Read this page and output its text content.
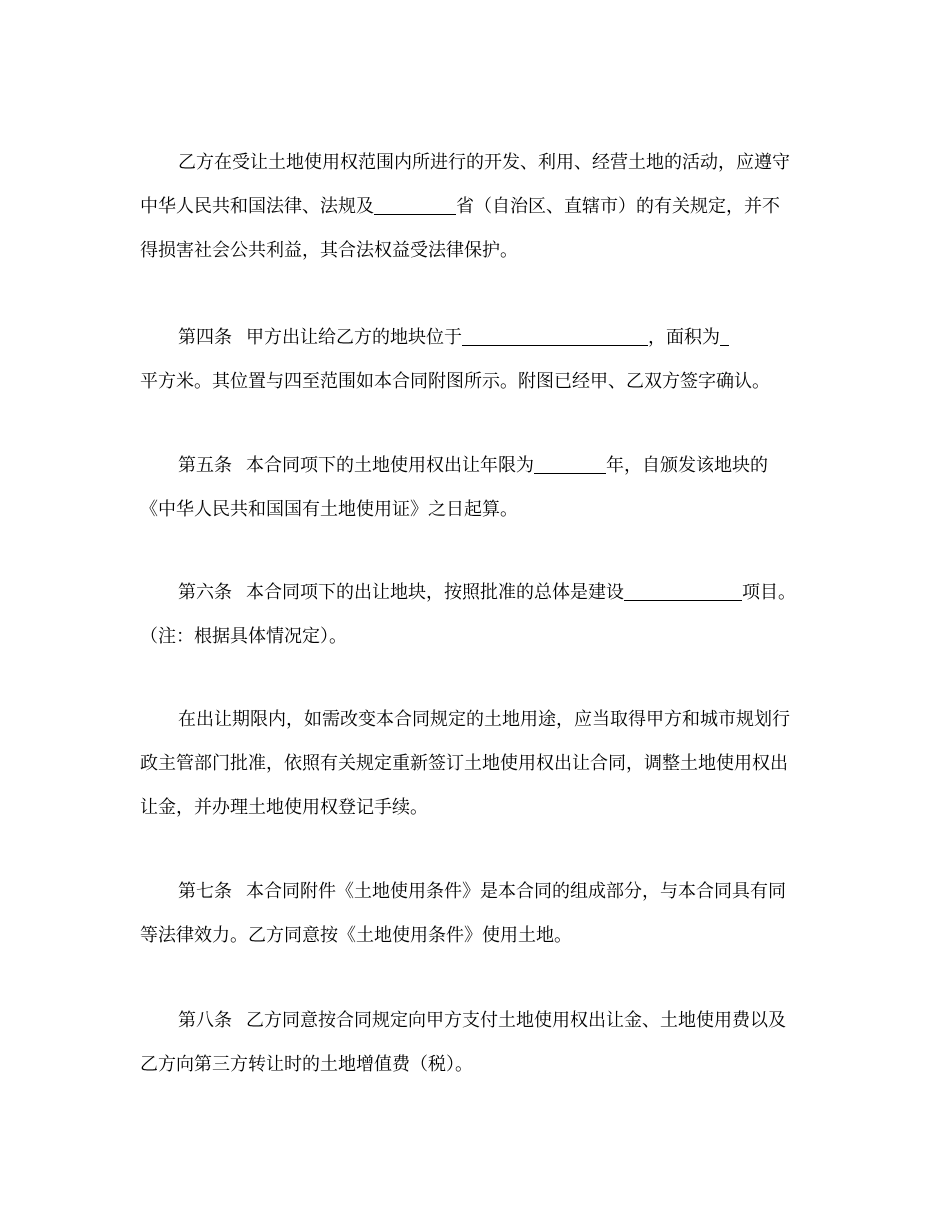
乙方在受让土地使用权范围内所进行的开发、利用、经营土地的活动，应遵守
中华人民共和国法律、法规及	省（自治区、直辖市）的有关规定，并不
得损害社会公共利益，其合法权益受法律保护。
第四条 甲方出让给乙方的地块位于	，面积为
平方米。其位置与四至范围如本合同附图所示。附图已经甲、乙双方签字确认。
第五条 本合同项下的土地使用权出让年限为	年，自颁发该地块的
《中华人民共和国国有土地使用证》之日起算。
第六条 本合同项下的出让地块，按照批准的总体是建设	项目。
（注：根据具体情况定）。
在出让期限内，如需改变本合同规定的土地用途，应当取得甲方和城市规划行
政主管部门批准，依照有关规定重新签订土地使用权出让合同，调整土地使用权出
让金，并办理土地使用权登记手续。
第七条 本合同附件《土地使用条件》是本合同的组成部分，与本合同具有同
等法律效力。乙方同意按《土地使用条件》使用土地。
第八条 乙方同意按合同规定向甲方支付土地使用权出让金、土地使用费以及
乙方向第三方转让时的土地增值费（税）。
